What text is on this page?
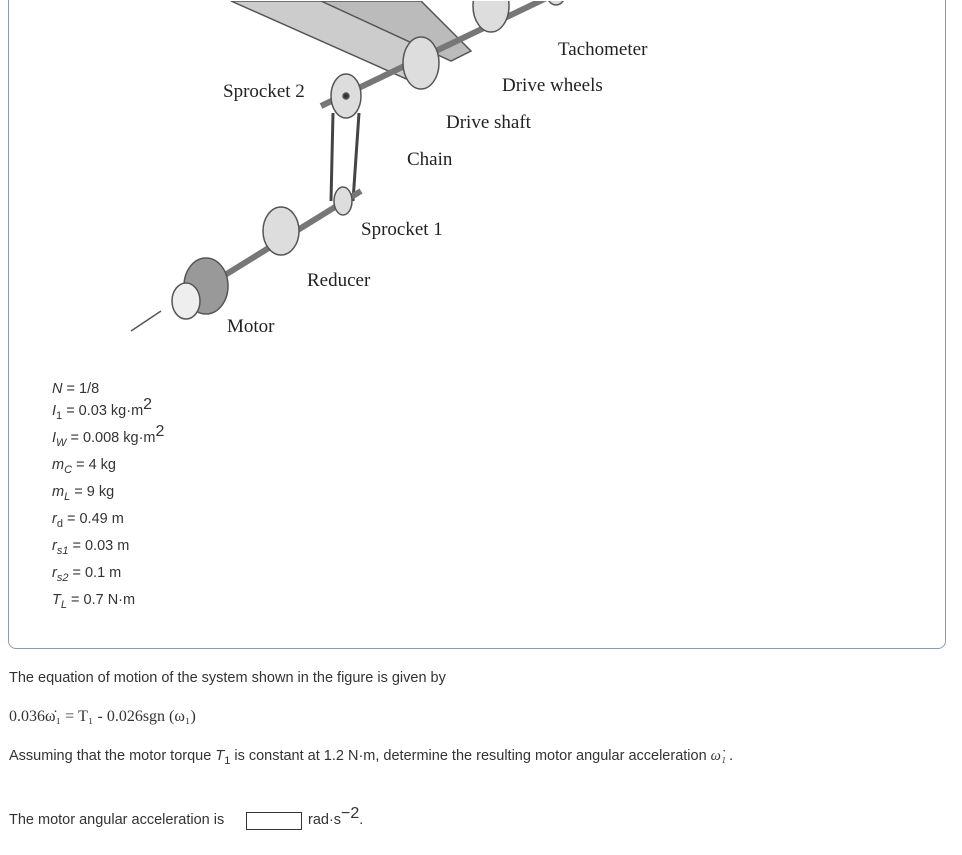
Tachometer
Drive wheels
Sprocket 2
Drive shaft
Chain
Sprocket 1
Reducer
Motor
N = 1/8
$I_1 = 0.03$ $kg\cdot m^2$
$I_W = 0.008$ $kg\cdot m^2$
$m_C = 4$ kg
$m_L = 9$ kg
$r_d = 0.49$ m
$r_{s1} = 0.03$ m
$r_{s2} = 0.1$ m
$T_L = 0.7$ N·m
The equation of motion of the system shown in the figure is given by
0.036ω̇₁ = T₁ - 0.026sgn (ω₁)
Assuming that the motor torque $T_1$ is constant at 1.2 N·m, determine the resulting motor angular acceleration ω̇₁ .
The motor angular acceleration is	$rad\cdot s^{-2}$.
